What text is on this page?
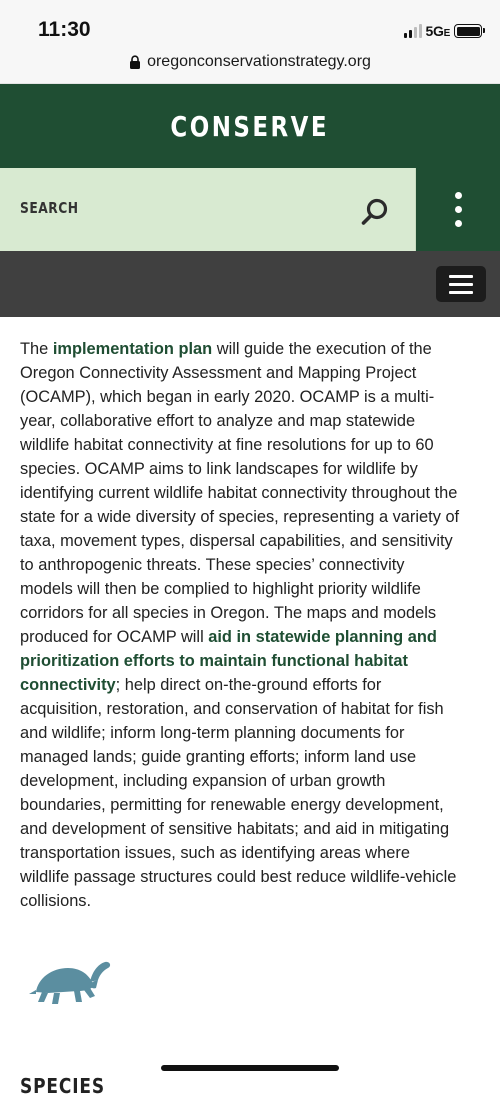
11:30	5GE
oregonconservationstrategy.org
CONSERVE
SEARCH

The implementation plan will guide the execution of the Oregon Connectivity Assessment and Mapping Project (OCAMP), which began in early 2020. OCAMP is a multi-year, collaborative effort to analyze and map statewide wildlife habitat connectivity at fine resolutions for up to 60 species. OCAMP aims to link landscapes for wildlife by identifying current wildlife habitat connectivity throughout the state for a wide diversity of species, representing a variety of taxa, movement types, dispersal capabilities, and sensitivity to anthropogenic threats. These species’ connectivity models will then be complied to highlight priority wildlife corridors for all species in Oregon. The maps and models produced for OCAMP will aid in statewide planning and prioritization efforts to maintain functional habitat connectivity; help direct on-the-ground efforts for acquisition, restoration, and conservation of habitat for fish and wildlife; inform long-term planning documents for managed lands; guide granting efforts; inform land use development, including expansion of urban growth boundaries, permitting for renewable energy development, and development of sensitive habitats; and aid in mitigating transportation issues, such as identifying areas where wildlife passage structures could best reduce wildlife-vehicle collisions.

SPECIES
